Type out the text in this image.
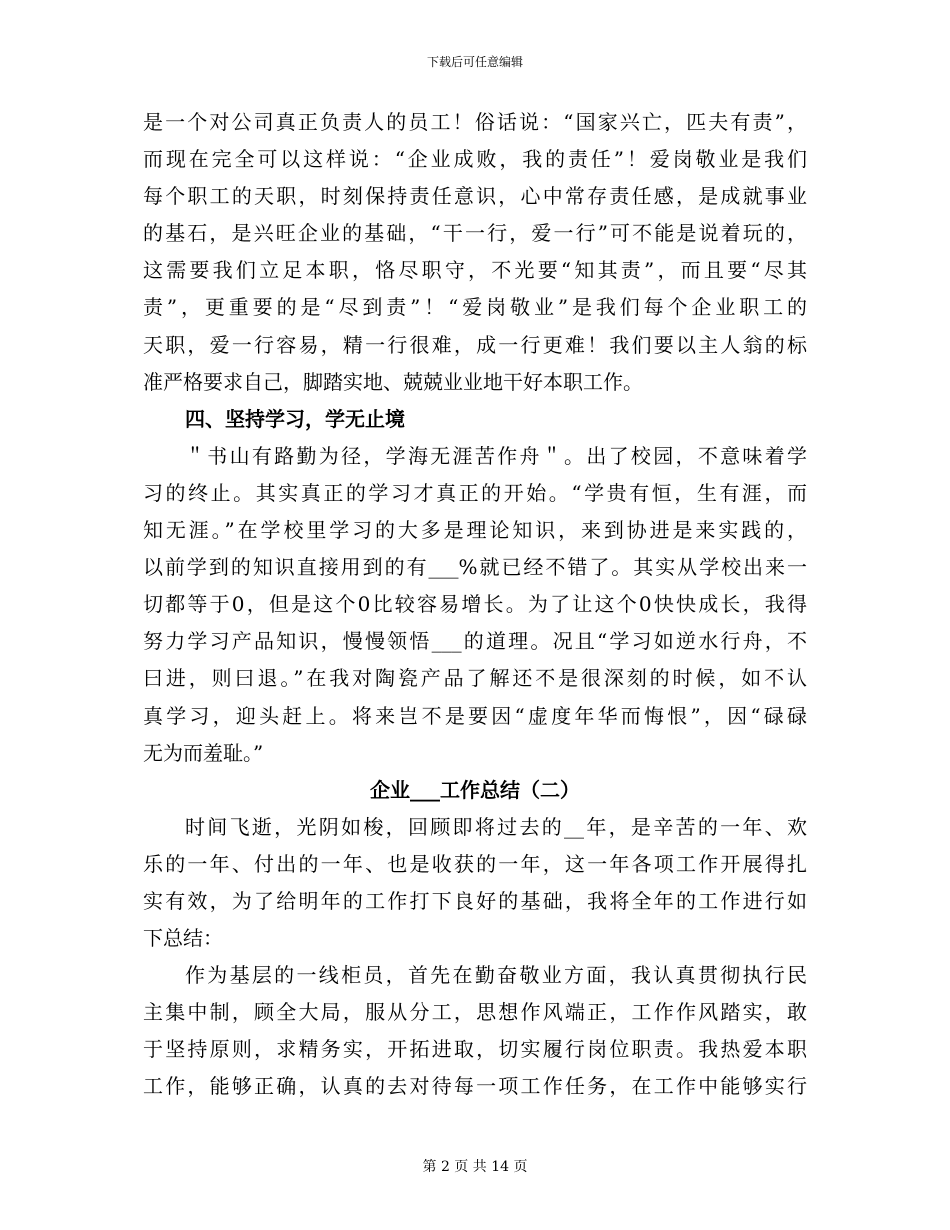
下载后可任意编辑
是一个对公司真正负责人的员工！俗话说：“国家兴亡，匹夫有责”，
而现在完全可以这样说：“企业成败，我的责任”！爱岗敬业是我们
每个职工的天职，时刻保持责任意识，心中常存责任感，是成就事业
的基石，是兴旺企业的基础，“干一行，爱一行”可不能是说着玩的，
这需要我们立足本职，恪尽职守，不光要“知其责”，而且要“尽其
责”，更重要的是“尽到责”！“爱岗敬业”是我们每个企业职工的
天职，爱一行容易，精一行很难，成一行更难！我们要以主人翁的标
准严格要求自己，脚踏实地、兢兢业业地干好本职工作。
四、坚持学习，学无止境
＂书山有路勤为径，学海无涯苦作舟＂。出了校园，不意味着学
习的终止。其实真正的学习才真正的开始。“学贵有恒，生有涯，而
知无涯。”在学校里学习的大多是理论知识，来到协进是来实践的，
以前学到的知识直接用到的有___%就已经不错了。其实从学校出来一
切都等于0，但是这个0比较容易增长。为了让这个0快快成长，我得
努力学习产品知识，慢慢领悟___的道理。况且“学习如逆水行舟，不
曰进，则曰退。”在我对陶瓷产品了解还不是很深刻的时候，如不认
真学习，迎头赶上。将来岂不是要因“虚度年华而悔恨”，因“碌碌
无为而羞耻。”
企业___工作总结（二）
时间飞逝，光阴如梭，回顾即将过去的__年，是辛苦的一年、欢
乐的一年、付出的一年、也是收获的一年，这一年各项工作开展得扎
实有效，为了给明年的工作打下良好的基础，我将全年的工作进行如
下总结：
作为基层的一线柜员，首先在勤奋敬业方面，我认真贯彻执行民
主集中制，顾全大局，服从分工，思想作风端正，工作作风踏实，敢
于坚持原则，求精务实，开拓进取，切实履行岗位职责。我热爱本职
工作，能够正确，认真的去对待每一项工作任务，在工作中能够实行
第 2 页 共 14 页
